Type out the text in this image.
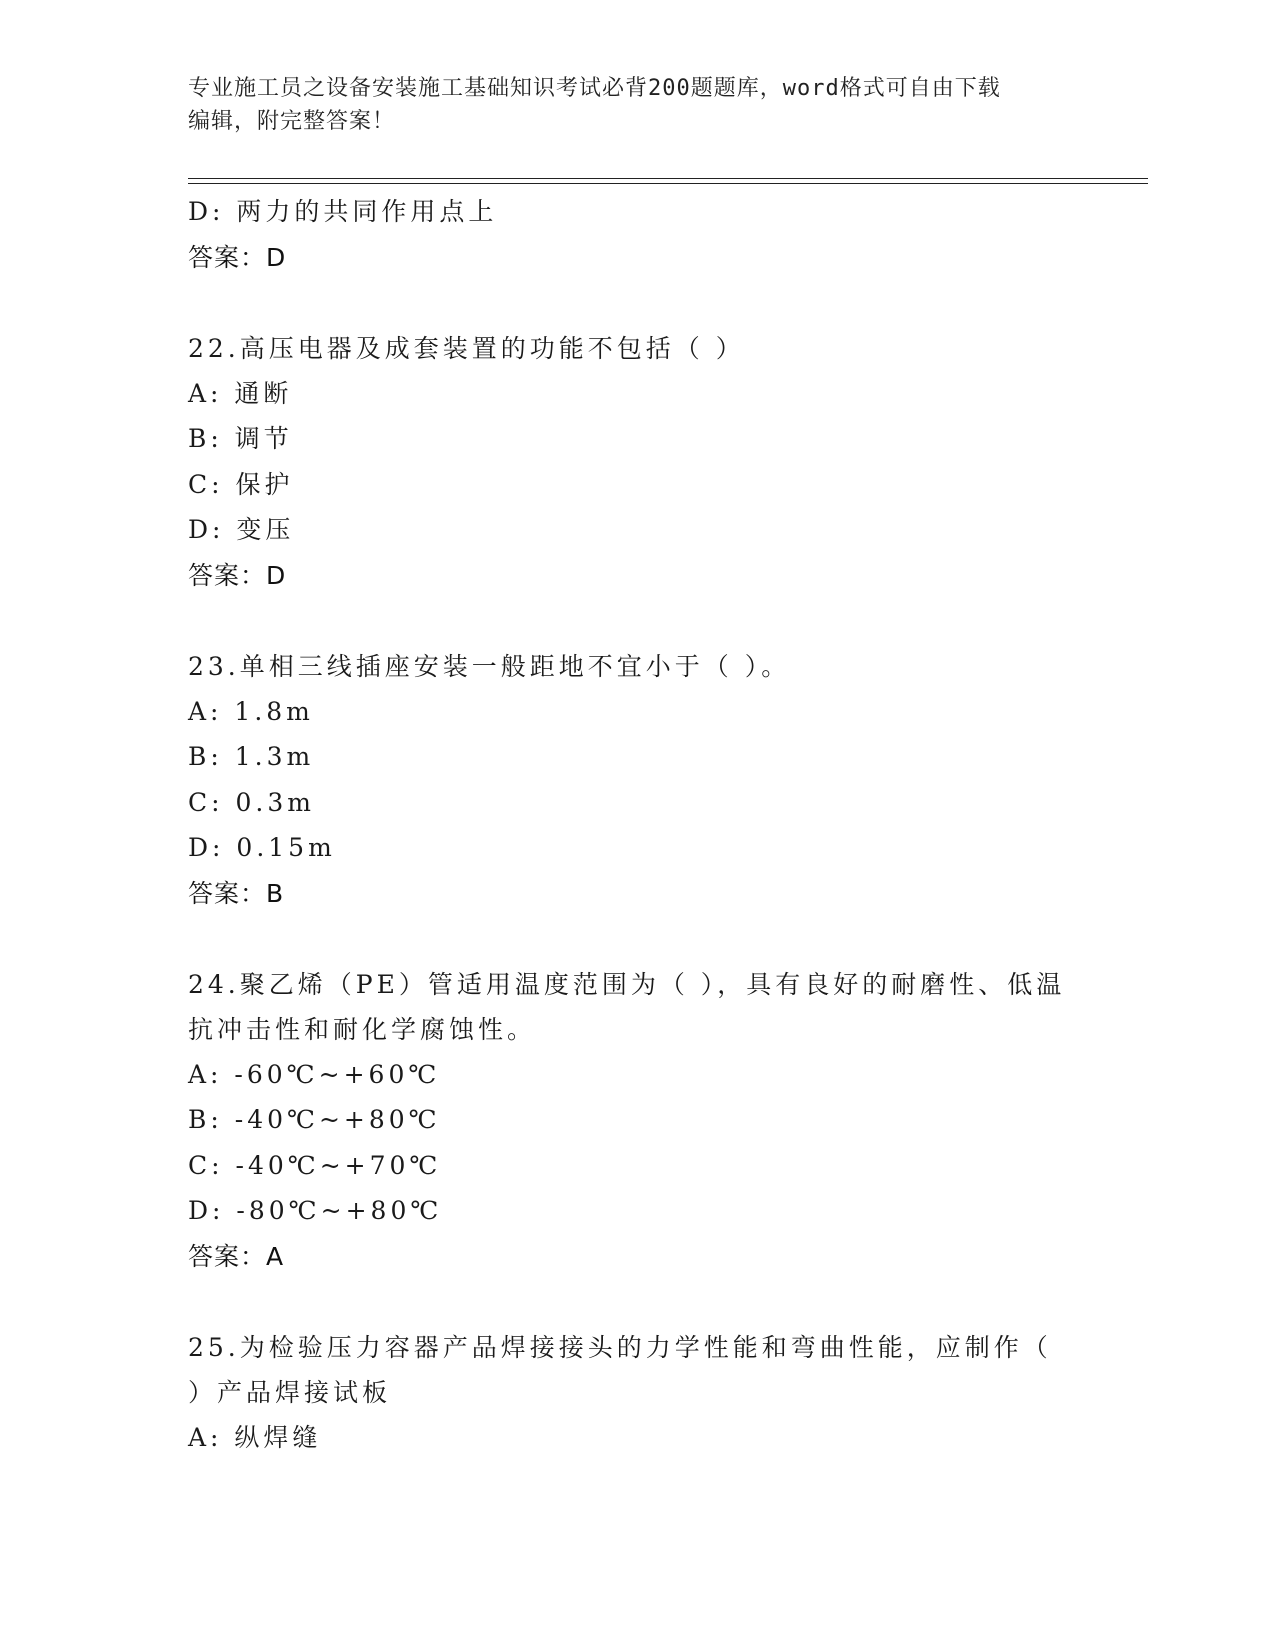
专业施工员之设备安装施工基础知识考试必背200题题库，word格式可自由下载
编辑，附完整答案！
D: 两力的共同作用点上
答案：D
22.高压电器及成套装置的功能不包括（ ）
A: 通断
B: 调节
C: 保护
D: 变压
答案：D
23.单相三线插座安装一般距地不宜小于（ ）。
A: 1.8m
B: 1.3m
C: 0.3m
D: 0.15m
答案：B
24.聚乙烯（PE）管适用温度范围为（ ），具有良好的耐磨性、低温
抗冲击性和耐化学腐蚀性。
A: -60℃~+60℃
B: -40℃~+80℃
C: -40℃~+70℃
D: -80℃~+80℃
答案：A
25.为检验压力容器产品焊接接头的力学性能和弯曲性能，应制作（
）产品焊接试板
A: 纵焊缝
